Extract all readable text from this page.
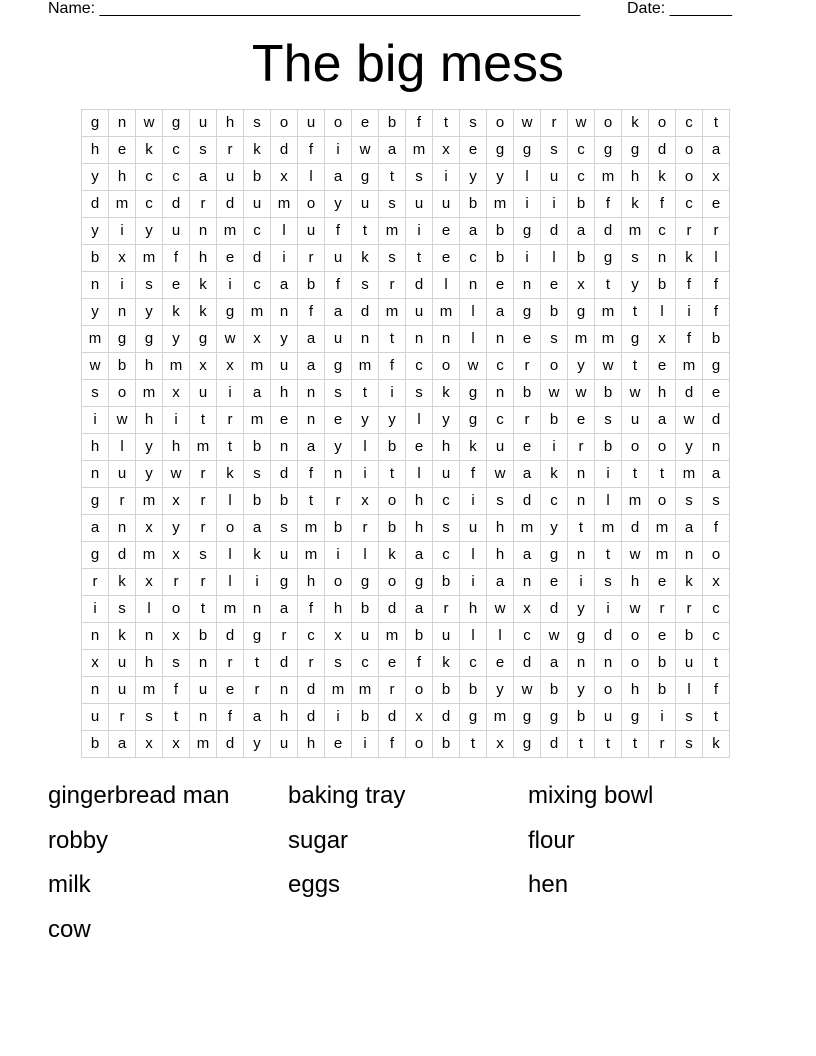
Name: ______________________________________________________	Date: _______
The big mess
g	n	w	g	u	h	s	o	u	o	e	b	f	t	s	o	w	r	w	o	k	o	c	t
h	e	k	c	s	r	k	d	f	i	w	a	m	x	e	g	g	s	c	g	g	d	o	a
y	h	c	c	a	u	b	x	l	a	g	t	s	i	y	y	l	u	c	m	h	k	o	x
d	m	c	d	r	d	u	m	o	y	u	s	u	u	b	m	i	i	b	f	k	f	c	e
y	i	y	u	n	m	c	l	u	f	t	m	i	e	a	b	g	d	a	d	m	c	r	r
b	x	m	f	h	e	d	i	r	u	k	s	t	e	c	b	i	l	b	g	s	n	k	l
n	i	s	e	k	i	c	a	b	f	s	r	d	l	n	e	n	e	x	t	y	b	f	f
y	n	y	k	k	g	m	n	f	a	d	m	u	m	l	a	g	b	g	m	t	l	i	f
m	g	g	y	g	w	x	y	a	u	n	t	n	n	l	n	e	s	m	m	g	x	f	b
w	b	h	m	x	x	m	u	a	g	m	f	c	o	w	c	r	o	y	w	t	e	m	g
s	o	m	x	u	i	a	h	n	s	t	i	s	k	g	n	b	w	w	b	w	h	d	e
i	w	h	i	t	r	m	e	n	e	y	y	l	y	g	c	r	b	e	s	u	a	w	d
h	l	y	h	m	t	b	n	a	y	l	b	e	h	k	u	e	i	r	b	o	o	y	n
n	u	y	w	r	k	s	d	f	n	i	t	l	u	f	w	a	k	n	i	t	t	m	a
g	r	m	x	r	l	b	b	t	r	x	o	h	c	i	s	d	c	n	l	m	o	s	s
a	n	x	y	r	o	a	s	m	b	r	b	h	s	u	h	m	y	t	m	d	m	a	f
g	d	m	x	s	l	k	u	m	i	l	k	a	c	l	h	a	g	n	t	w	m	n	o
r	k	x	r	r	l	i	g	h	o	g	o	g	b	i	a	n	e	i	s	h	e	k	x
i	s	l	o	t	m	n	a	f	h	b	d	a	r	h	w	x	d	y	i	w	r	r	c
n	k	n	x	b	d	g	r	c	x	u	m	b	u	l	l	c	w	g	d	o	e	b	c
x	u	h	s	n	r	t	d	r	s	c	e	f	k	c	e	d	a	n	n	o	b	u	t
n	u	m	f	u	e	r	n	d	m	m	r	o	b	b	y	w	b	y	o	h	b	l	f
u	r	s	t	n	f	a	h	d	i	b	d	x	d	g	m	g	g	b	u	g	i	s	t
b	a	x	x	m	d	y	u	h	e	i	f	o	b	t	x	g	d	t	t	t	r	s	k
gingerbread man baking tray	mixing bowl
robby	sugar	flour
milk	eggs	hen
cow
